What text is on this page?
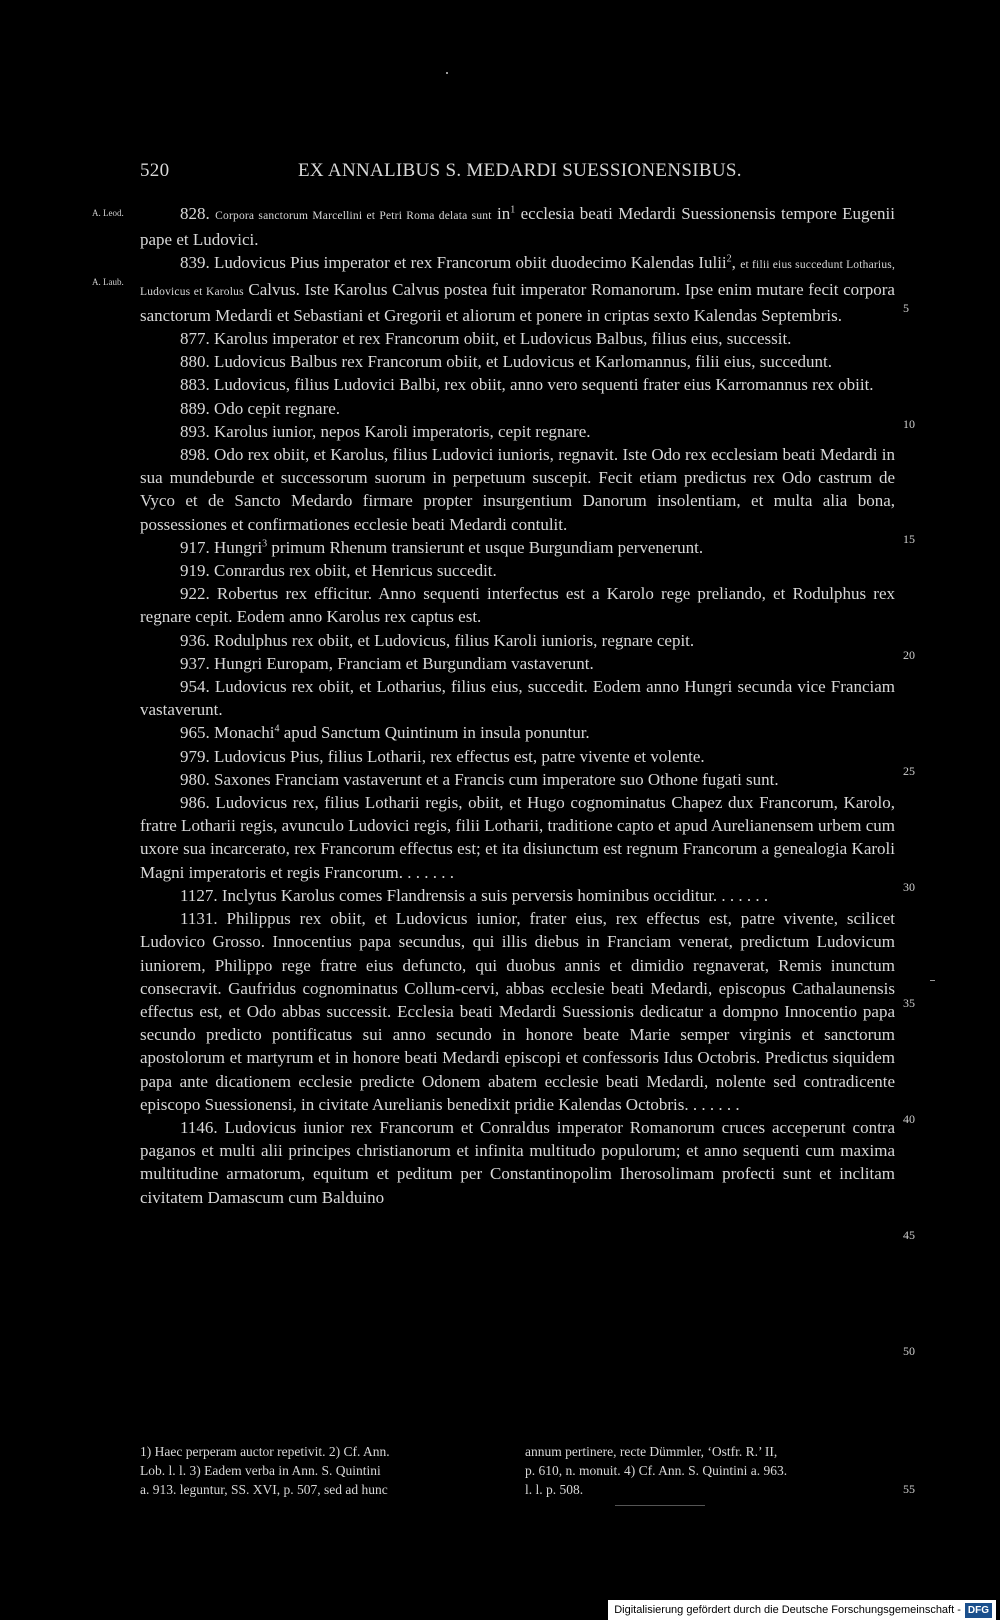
520	EX ANNALIBUS S. MEDARDI SUESSIONENSIBUS.
A. Leod.
A. Laub.
5
10
15
20
25
30
35
40
45
50
55

828. Corpora sanctorum Marcellini et Petri Roma delata sunt $in^1$ ecclesia beati Medardi Suessionensis tempore Eugenii pape et Ludovici.

839. Ludovicus Pius imperator et rex Francorum obiit duodecimo Kalendas Iulii$^2$, et filii eius succedunt Lotharius, Ludovicus et Karolus Calvus. Iste Karolus Calvus postea fuit imperator Romanorum. Ipse enim mutare fecit corpora sanctorum Medardi et Sebastiani et Gregorii et aliorum et ponere in criptas sexto Kalendas Septembris.

877. Karolus imperator et rex Francorum obiit, et Ludovicus Balbus, filius eius, successit.

880. Ludovicus Balbus rex Francorum obiit, et Ludovicus et Karlomannus, filii eius, succedunt.

883. Ludovicus, filius Ludovici Balbi, rex obiit, anno vero sequenti frater eius Karromannus rex obiit.

889. Odo cepit regnare.

893. Karolus iunior, nepos Karoli imperatoris, cepit regnare.

898. Odo rex obiit, et Karolus, filius Ludovici iunioris, regnavit. Iste Odo rex ecclesiam beati Medardi in sua mundeburde et successorum suorum in perpetuum suscepit. Fecit etiam predictus rex Odo castrum de Vyco et de Sancto Medardo firmare propter insurgentium Danorum insolentiam, et multa alia bona, possessiones et confirmationes ecclesie beati Medardi contulit.

917. Hungri$^3$ primum Rhenum transierunt et usque Burgundiam pervenerunt.

919. Conrardus rex obiit, et Henricus succedit.

922. Robertus rex efficitur. Anno sequenti interfectus est a Karolo rege preliando, et Rodulphus rex regnare cepit. Eodem anno Karolus rex captus est.

936. Rodulphus rex obiit, et Ludovicus, filius Karoli iunioris, regnare cepit.

937. Hungri Europam, Franciam et Burgundiam vastaverunt.

954. Ludovicus rex obiit, et Lotharius, filius eius, succedit. Eodem anno Hungri secunda vice Franciam vastaverunt.

965. Monachi$^4$ apud Sanctum Quintinum in insula ponuntur.

979. Ludovicus Pius, filius Lotharii, rex effectus est, patre vivente et volente.

980. Saxones Franciam vastaverunt et a Francis cum imperatore suo Othone fugati sunt.

986. Ludovicus rex, filius Lotharii regis, obiit, et Hugo cognominatus Chapez dux Francorum, Karolo, fratre Lotharii regis, avunculo Ludovici regis, filii Lotharii, traditione capto et apud Aurelianensem urbem cum uxore sua incarcerato, rex Francorum effectus est; et ita disiunctum est regnum Francorum a genealogia Karoli Magni imperatoris et regis Francorum. . . . . . .

1127. Inclytus Karolus comes Flandrensis a suis perversis hominibus occiditur. . . . . . .

1131. Philippus rex obiit, et Ludovicus iunior, frater eius, rex effectus est, patre vivente, scilicet Ludovico Grosso. Innocentius papa secundus, qui illis diebus in Franciam venerat, predictum Ludovicum iuniorem, Philippo rege fratre eius defuncto, qui duobus annis et dimidio regnaverat, Remis inunctum consecravit. Gaufridus cognominatus Collum-cervi, abbas ecclesie beati Medardi, episcopus Cathalaunensis effectus est, et Odo abbas successit. Ecclesia beati Medardi Suessionis dedicatur a dompno Innocentio papa secundo predicto pontificatus sui anno secundo in honore beate Marie semper virginis et sanctorum apostolorum et martyrum et in honore beati Medardi episcopi et confessoris Idus Octobris. Predictus siquidem papa ante dicationem ecclesie predicte Odonem abatem ecclesie beati Medardi, nolente sed contradicente episcopo Suessionensi, in civitate Aurelianis benedixit pridie Kalendas Octobris. . . . . . .

1146. Ludovicus iunior rex Francorum et Conraldus imperator Romanorum cruces acceperunt contra paganos et multi alii principes christianorum et infinita multitudo populorum; et anno sequenti cum maxima multitudine armatorum, equitum et peditum per Constantinopolim Iherosolimam profecti sunt et inclitam civitatem Damascum cum Balduino

1) Haec perperam auctor repetivit. 2) Cf. Ann.
Lob. l. l. 3) Eadem verba in Ann. S. Quintini
a. 913. leguntur, SS. XVI, p. 507, sed ad hunc
annum pertinere, recte Dümmler, ‘Ostfr. R.’ II,
p. 610, n. monuit. 4) Cf. Ann. S. Quintini a. 963.
l. l. p. 508.
Digitalisierung gefördert durch die Deutsche Forschungsgemeinschaft - DFG
